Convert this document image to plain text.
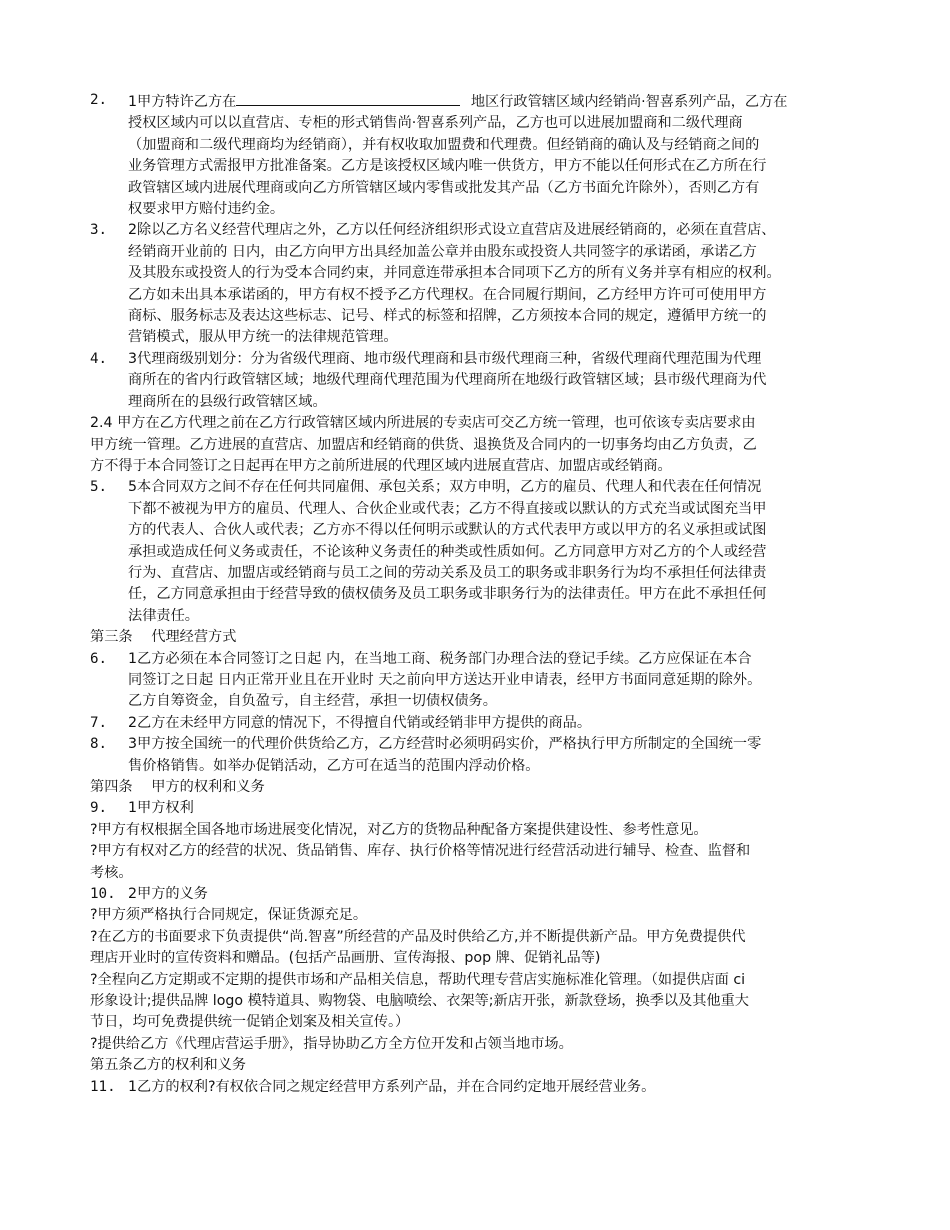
2. 1甲方特许乙方在	地区行政管辖区域内经销尚·智喜系列产品，乙方在
授权区域内可以以直营店、专柜的形式销售尚·智喜系列产品，乙方也可以进展加盟商和二级代理商
（加盟商和二级代理商均为经销商），并有权收取加盟费和代理费。但经销商的确认及与经销商之间的
业务管理方式需报甲方批准备案。乙方是该授权区域内唯一供货方，甲方不能以任何形式在乙方所在行
政管辖区域内进展代理商或向乙方所管辖区域内零售或批发其产品（乙方书面允许除外），否则乙方有
权要求甲方赔付违约金。
3. 2除以乙方名义经营代理店之外，乙方以任何经济组织形式设立直营店及进展经销商的，必须在直营店、
经销商开业前的 日内，由乙方向甲方出具经加盖公章并由股东或投资人共同签字的承诺函，承诺乙方
及其股东或投资人的行为受本合同约束，并同意连带承担本合同项下乙方的所有义务并享有相应的权利。
乙方如未出具本承诺函的，甲方有权不授予乙方代理权。在合同履行期间，乙方经甲方许可可使用甲方
商标、服务标志及表达这些标志、记号、样式的标签和招牌，乙方须按本合同的规定，遵循甲方统一的
营销模式，服从甲方统一的法律规范管理。
4. 3代理商级别划分：分为省级代理商、地市级代理商和县市级代理商三种，省级代理商代理范围为代理
商所在的省内行政管辖区域；地级代理商代理范围为代理商所在地级行政管辖区域；县市级代理商为代
理商所在的县级行政管辖区域。
2.4 甲方在乙方代理之前在乙方行政管辖区域内所进展的专卖店可交乙方统一管理，也可依该专卖店要求由
甲方统一管理。乙方进展的直营店、加盟店和经销商的供货、退换货及合同内的一切事务均由乙方负责，乙
方不得于本合同签订之日起再在甲方之前所进展的代理区域内进展直营店、加盟店或经销商。
5. 5本合同双方之间不存在任何共同雇佣、承包关系；双方申明，乙方的雇员、代理人和代表在任何情况
下都不被视为甲方的雇员、代理人、合伙企业或代表；乙方不得直接或以默认的方式充当或试图充当甲
方的代表人、合伙人或代表；乙方亦不得以任何明示或默认的方式代表甲方或以甲方的名义承担或试图
承担或造成任何义务或责任，不论该种义务责任的种类或性质如何。乙方同意甲方对乙方的个人或经营
行为、直营店、加盟店或经销商与员工之间的劳动关系及员工的职务或非职务行为均不承担任何法律责
任，乙方同意承担由于经营导致的债权债务及员工职务或非职务行为的法律责任。甲方在此不承担任何
法律责任。
第三条　 代理经营方式
6. 1乙方必须在本合同签订之日起 内，在当地工商、税务部门办理合法的登记手续。乙方应保证在本合
同签订之日起 日内正常开业且在开业时 天之前向甲方送达开业申请表，经甲方书面同意延期的除外。
乙方自筹资金，自负盈亏，自主经营，承担一切债权债务。
7. 2乙方在未经甲方同意的情况下，不得擅自代销或经销非甲方提供的商品。
8. 3甲方按全国统一的代理价供货给乙方，乙方经营时必须明码实价，严格执行甲方所制定的全国统一零
售价格销售。如举办促销活动，乙方可在适当的范围内浮动价格。
第四条　 甲方的权利和义务
9. 1甲方权利
?甲方有权根据全国各地市场进展变化情况，对乙方的货物品种配备方案提供建设性、参考性意见。
?甲方有权对乙方的经营的状况、货品销售、库存、执行价格等情况进行经营活动进行辅导、检查、监督和
考核。
10. 2甲方的义务
?甲方须严格执行合同规定，保证货源充足。
?在乙方的书面要求下负责提供“尚.智喜”所经营的产品及时供给乙方,并不断提供新产品。甲方免费提供代
理店开业时的宣传资料和赠品。(包括产品画册、宣传海报、pop 牌、促销礼品等)
?全程向乙方定期或不定期的提供市场和产品相关信息，帮助代理专营店实施标准化管理。（如提供店面 ci
形象设计;提供品牌 logo 模特道具、购物袋、电脑喷绘、衣架等;新店开张，新款登场，换季以及其他重大
节日，均可免费提供统一促销企划案及相关宣传。）
?提供给乙方《代理店营运手册》，指导协助乙方全方位开发和占领当地市场。
第五条乙方的权利和义务
11. 1乙方的权利?有权依合同之规定经营甲方系列产品，并在合同约定地开展经营业务。
